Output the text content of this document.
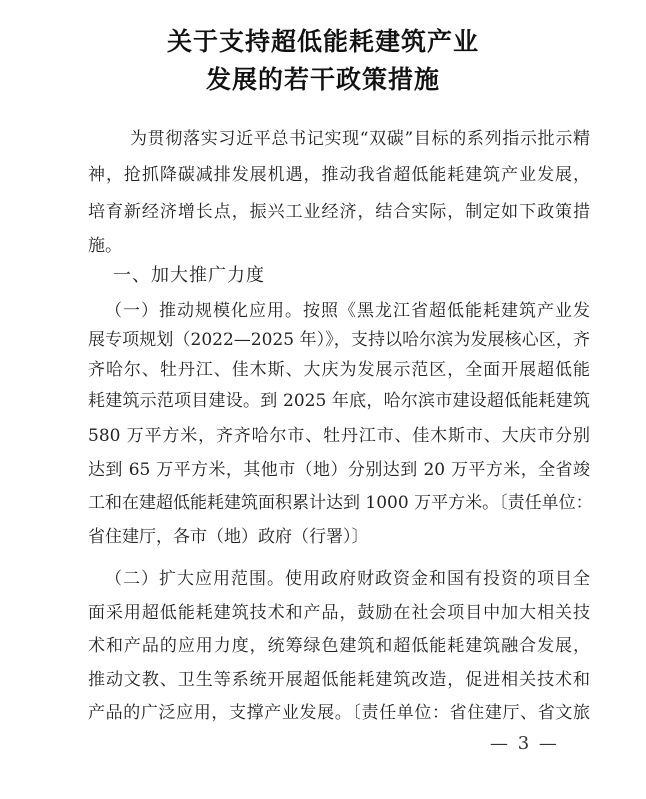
关于支持超低能耗建筑产业
发展的若干政策措施
为贯彻落实习近平总书记实现“双碳”目标的系列指示批示精
神，抢抓降碳减排发展机遇，推动我省超低能耗建筑产业发展，
培育新经济增长点，振兴工业经济，结合实际，制定如下政策措
施。
一、加大推广力度
（一）推动规模化应用。按照《黑龙江省超低能耗建筑产业发
展专项规划（2022—2025 年）》，支持以哈尔滨为发展核心区，齐
齐哈尔、牡丹江、佳木斯、大庆为发展示范区，全面开展超低能
耗建筑示范项目建设。到 2025 年底，哈尔滨市建设超低能耗建筑
580 万平方米，齐齐哈尔市、牡丹江市、佳木斯市、大庆市分别
达到 65 万平方米，其他市（地）分别达到 20 万平方米，全省竣
工和在建超低能耗建筑面积累计达到 1000 万平方米。〔责任单位：
省住建厅，各市（地）政府（行署）〕
（二）扩大应用范围。使用政府财政资金和国有投资的项目全
面采用超低能耗建筑技术和产品，鼓励在社会项目中加大相关技
术和产品的应用力度，统筹绿色建筑和超低能耗建筑融合发展，
推动文教、卫生等系统开展超低能耗建筑改造，促进相关技术和
产品的广泛应用，支撑产业发展。〔责任单位：省住建厅、省文旅
— 3 —
